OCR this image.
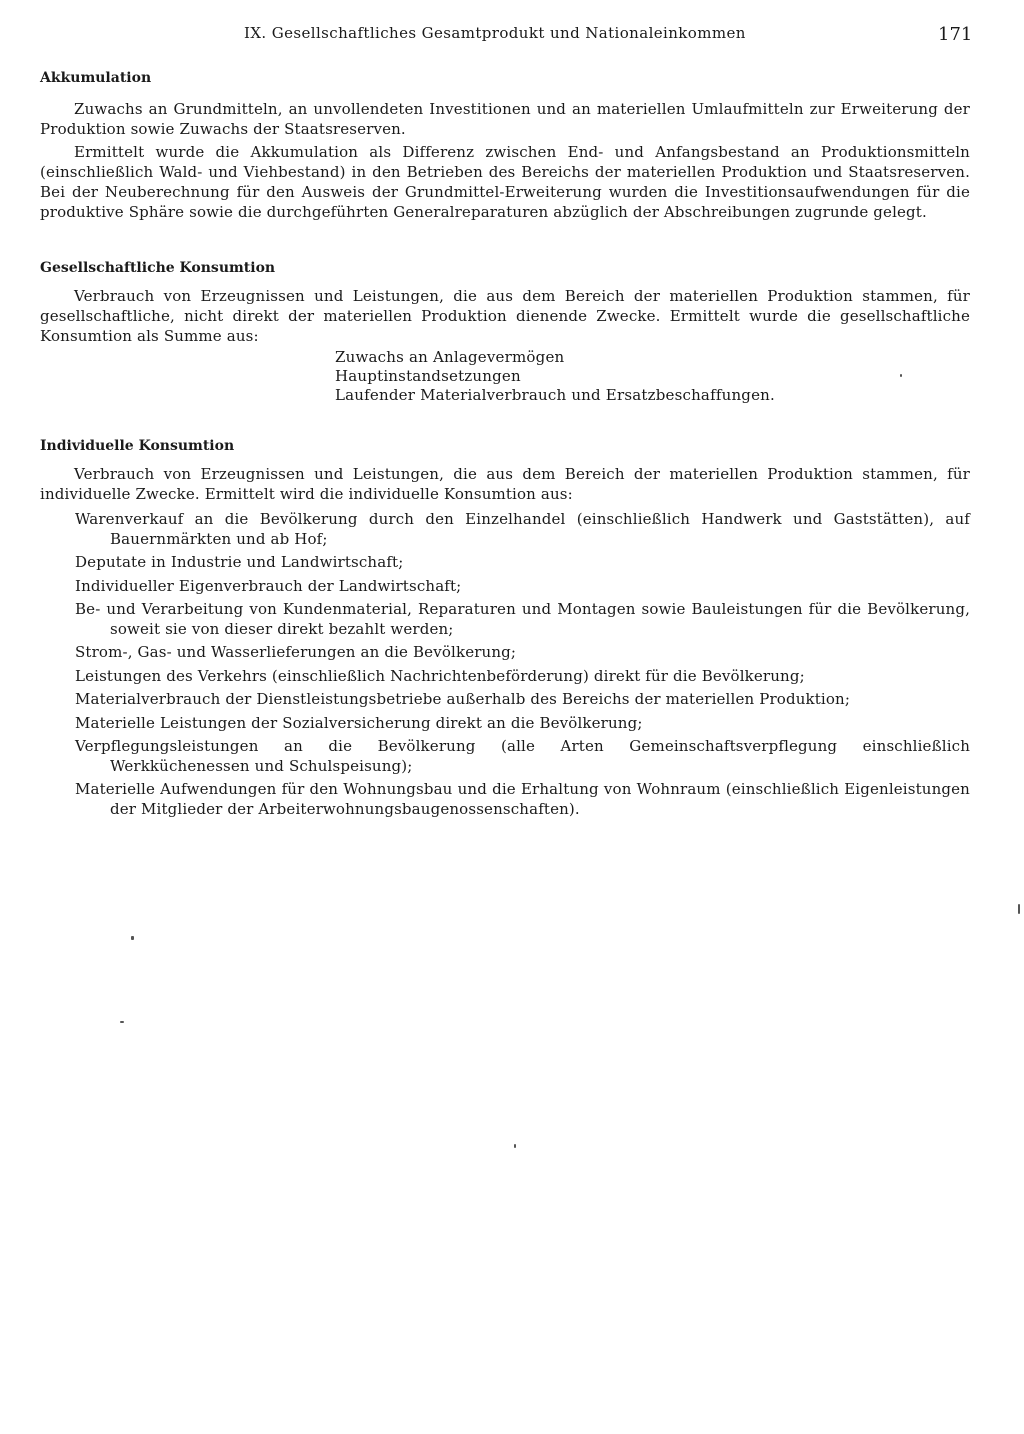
IX. Gesellschaftliches Gesamtprodukt und Nationaleinkommen	171
Akkumulation

Zuwachs an Grundmitteln, an unvollendeten Investitionen und an materiellen Umlaufmitteln zur Erweiterung der Produktion sowie Zuwachs der Staatsreserven.

Ermittelt wurde die Akkumulation als Differenz zwischen End- und Anfangsbestand an Produktionsmitteln (einschließlich Wald- und Viehbestand) in den Betrieben des Bereichs der materiellen Produktion und Staatsreserven. Bei der Neuberechnung für den Ausweis der Grundmittel-Erweiterung wurden die Investitionsaufwendungen für die produktive Sphäre sowie die durchgeführten Generalreparaturen abzüglich der Abschreibungen zugrunde gelegt.

Gesellschaftliche Konsumtion

Verbrauch von Erzeugnissen und Leistungen, die aus dem Bereich der materiellen Produktion stammen, für gesellschaftliche, nicht direkt der materiellen Produktion dienende Zwecke. Ermittelt wurde die gesellschaftliche Konsumtion als Summe aus:

Zuwachs an Anlagevermögen
Hauptinstandsetzungen
Laufender Materialverbrauch und Ersatzbeschaffungen.
Individuelle Konsumtion

Verbrauch von Erzeugnissen und Leistungen, die aus dem Bereich der materiellen Produktion stammen, für individuelle Zwecke. Ermittelt wird die individuelle Konsumtion aus:

Warenverkauf an die Bevölkerung durch den Einzelhandel (einschließlich Handwerk und Gaststätten), auf Bauernmärkten und ab Hof;
Deputate in Industrie und Landwirtschaft;
Individueller Eigenverbrauch der Landwirtschaft;
Be- und Verarbeitung von Kundenmaterial, Reparaturen und Montagen sowie Bauleistungen für die Bevölkerung, soweit sie von dieser direkt bezahlt werden;
Strom-, Gas- und Wasserlieferungen an die Bevölkerung;
Leistungen des Verkehrs (einschließlich Nachrichtenbeförderung) direkt für die Bevölkerung;
Materialverbrauch der Dienstleistungsbetriebe außerhalb des Bereichs der materiellen Produktion;
Materielle Leistungen der Sozialversicherung direkt an die Bevölkerung;
Verpflegungsleistungen an die Bevölkerung (alle Arten Gemeinschaftsverpflegung einschließlich Werkküchenessen und Schulspeisung);
Materielle Aufwendungen für den Wohnungsbau und die Erhaltung von Wohnraum (einschließlich Eigenleistungen der Mitglieder der Arbeiterwohnungsbaugenossenschaften).
